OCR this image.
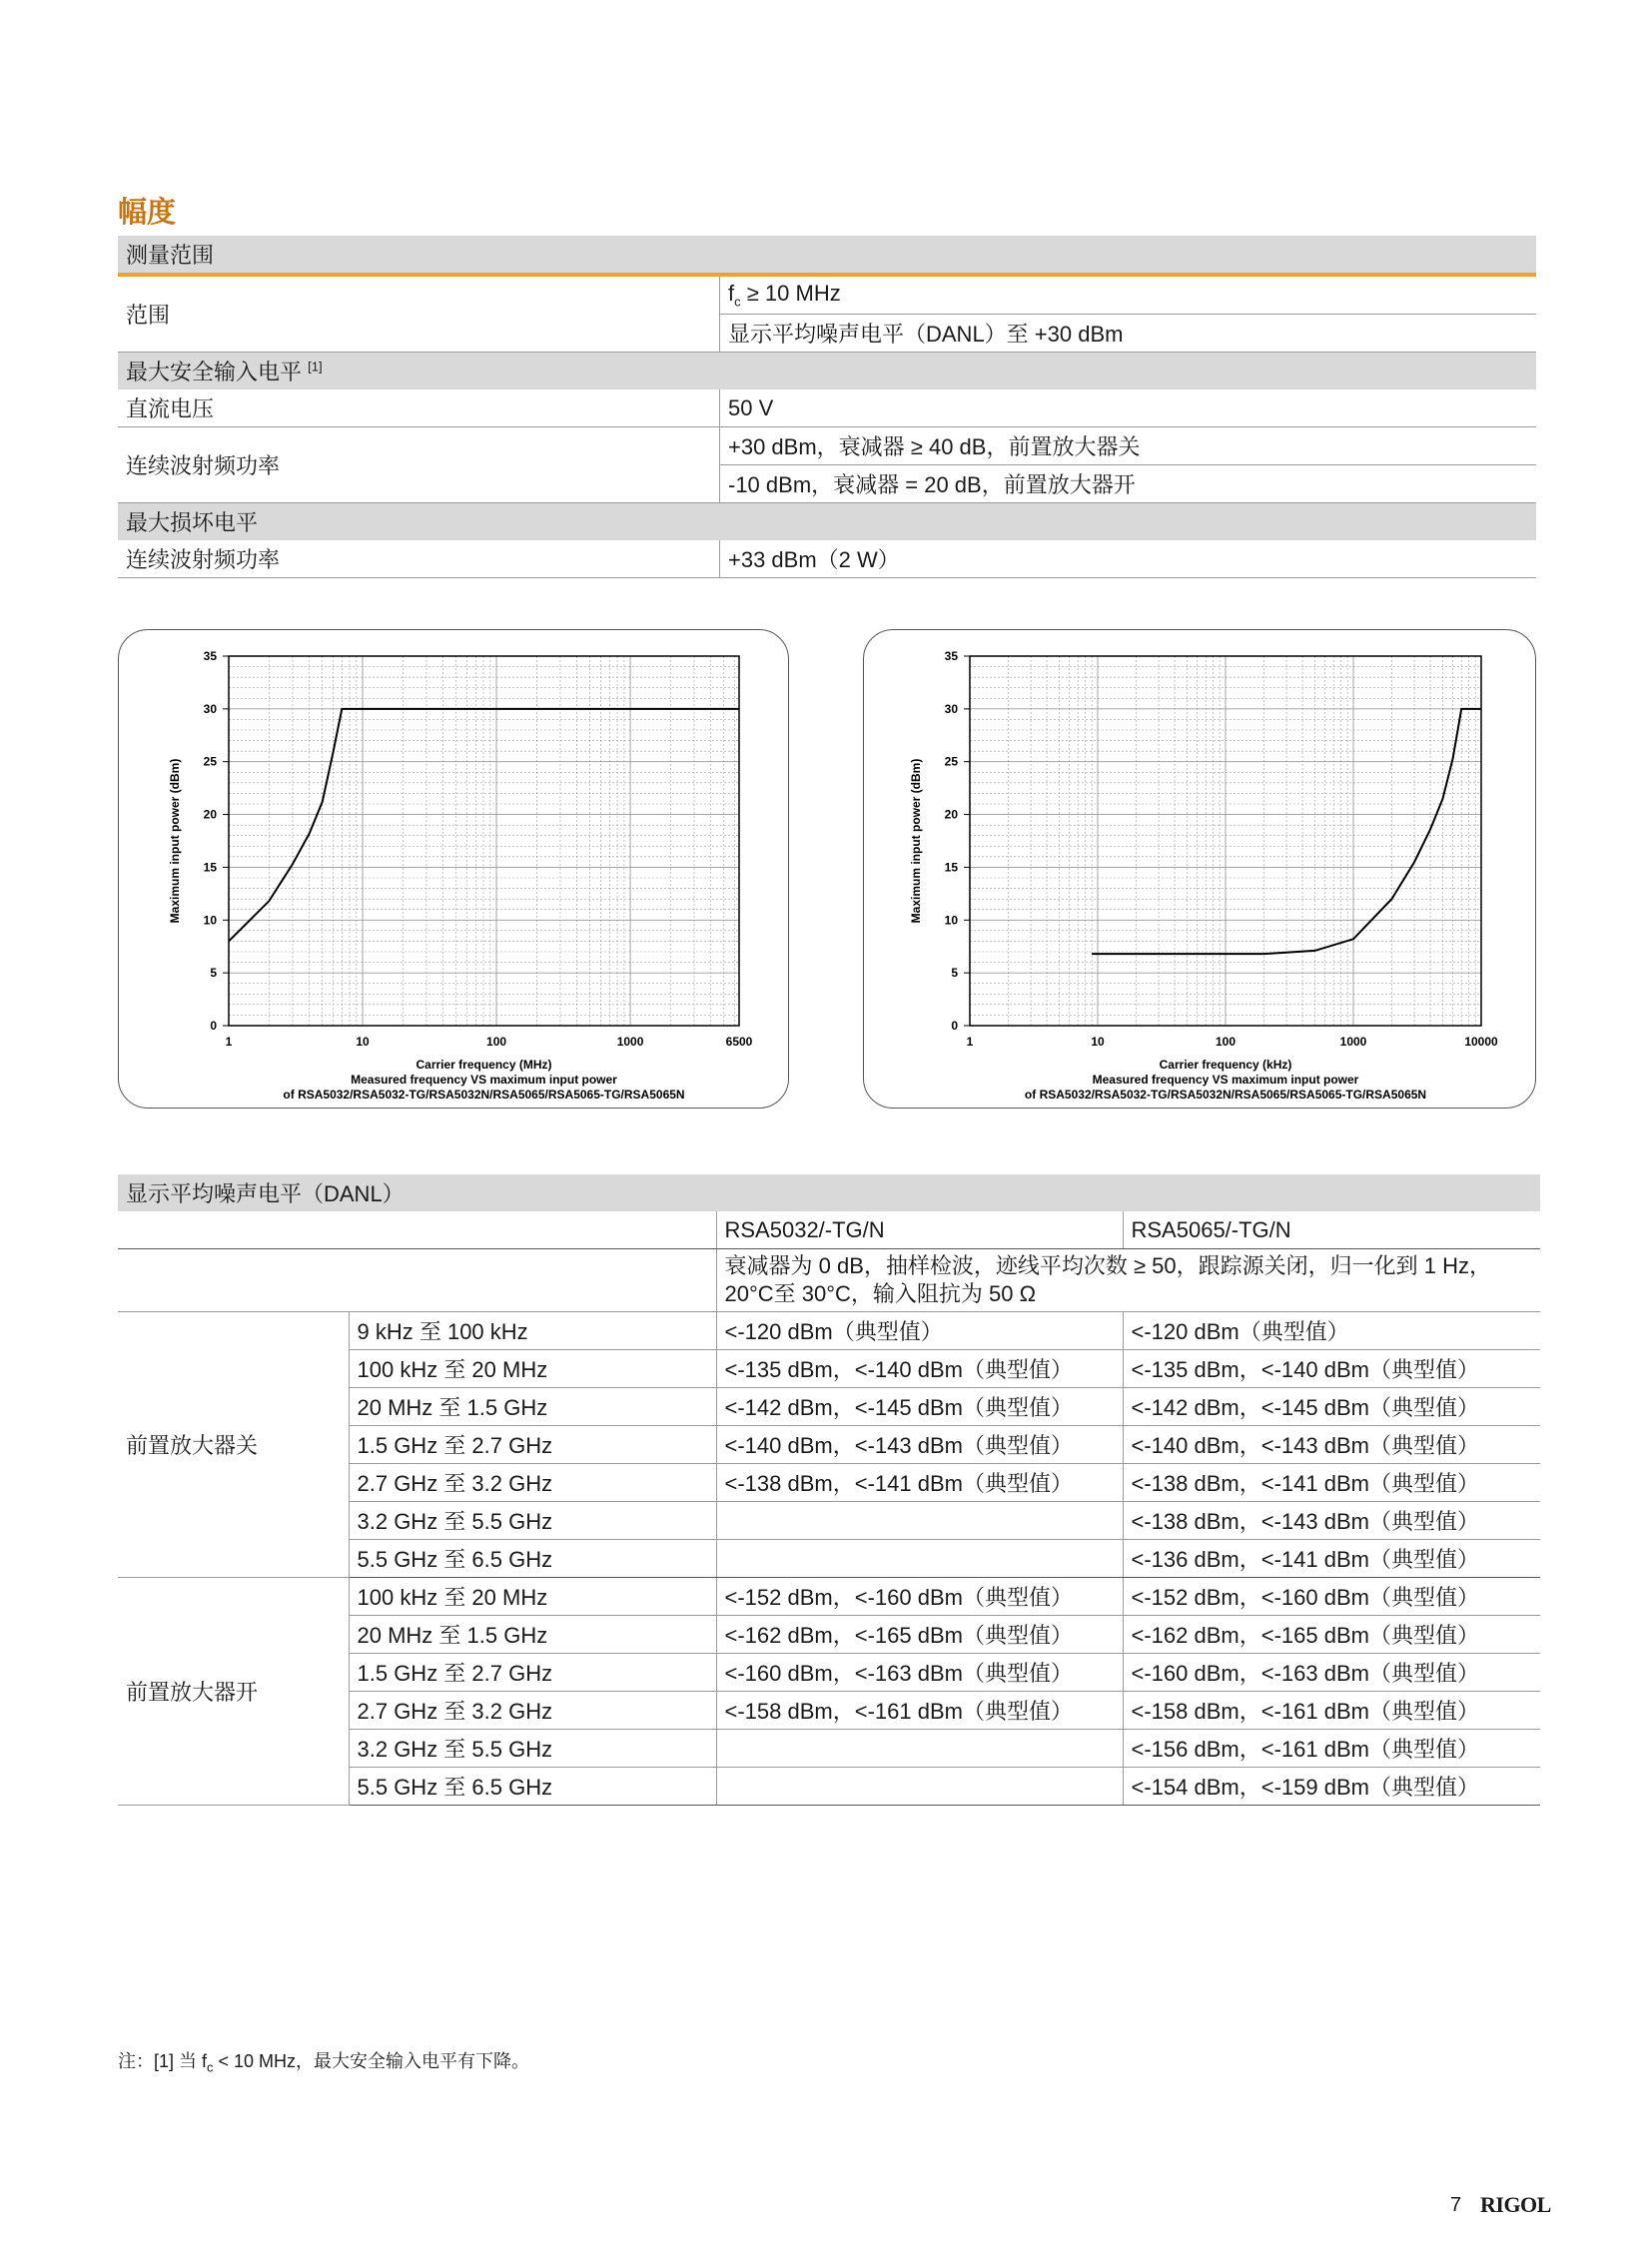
幅度
测量范围	
范围	$f_c \ge 10$ MHz
	显示平均噪声电平（DANL）至 +30 dBm
最大安全输入电平 [1]	
直流电压	50 V
连续波射频功率	+30 dBm，衰减器 ≥ 40 dB，前置放大器关
	-10 dBm，衰减器 = 20 dB，前置放大器开
最大损坏电平	
连续波射频功率	+33 dBm（2 W）
0
5
10
15
20
25
30
35
1	10	100	1000	6500
Maximum input power (dBm)
Carrier frequency (MHz)
Measured frequency VS maximum input power
of RSA5032/RSA5032-TG/RSA5032N/RSA5065/RSA5065-TG/RSA5065N
0
5
10
15
20
25
30
35
1	10	100	1000	10000
Maximum input power (dBm)
Carrier frequency (kHz)
Measured frequency VS maximum input power
of RSA5032/RSA5032-TG/RSA5032N/RSA5065/RSA5065-TG/RSA5065N
显示平均噪声电平（DANL）			
		RSA5032/-TG/N	RSA5065/-TG/N

		衰减器为 0 dB，抽样检波，迹线平均次数 ≥ 50，跟踪源关闭，归一化到 1 Hz，
20°C至 30°C，输入阻抗为 50 Ω	

前置放大器关	9 kHz 至 100 kHz	<-120 dBm（典型值）	<-120 dBm（典型值）
	100 kHz 至 20 MHz	<-135 dBm，<-140 dBm（典型值）	<-135 dBm，<-140 dBm（典型值）
	20 MHz 至 1.5 GHz	<-142 dBm，<-145 dBm（典型值）	<-142 dBm，<-145 dBm（典型值）
	1.5 GHz 至 2.7 GHz	<-140 dBm，<-143 dBm（典型值）	<-140 dBm，<-143 dBm（典型值）
	2.7 GHz 至 3.2 GHz	<-138 dBm，<-141 dBm（典型值）	<-138 dBm，<-141 dBm（典型值）
	3.2 GHz 至 5.5 GHz		<-138 dBm，<-143 dBm（典型值）
	5.5 GHz 至 6.5 GHz		<-136 dBm，<-141 dBm（典型值）
前置放大器开	100 kHz 至 20 MHz	<-152 dBm，<-160 dBm（典型值）	<-152 dBm，<-160 dBm（典型值）
	20 MHz 至 1.5 GHz	<-162 dBm，<-165 dBm（典型值）	<-162 dBm，<-165 dBm（典型值）
	1.5 GHz 至 2.7 GHz	<-160 dBm，<-163 dBm（典型值）	<-160 dBm，<-163 dBm（典型值）
	2.7 GHz 至 3.2 GHz	<-158 dBm，<-161 dBm（典型值）	<-158 dBm，<-161 dBm（典型值）
	3.2 GHz 至 5.5 GHz		<-156 dBm，<-161 dBm（典型值）
	5.5 GHz 至 6.5 GHz		<-154 dBm，<-159 dBm（典型值）
注：[1] 当 $f_c < 10$ MHz，最大安全输入电平有下降。
7 RIGOL
